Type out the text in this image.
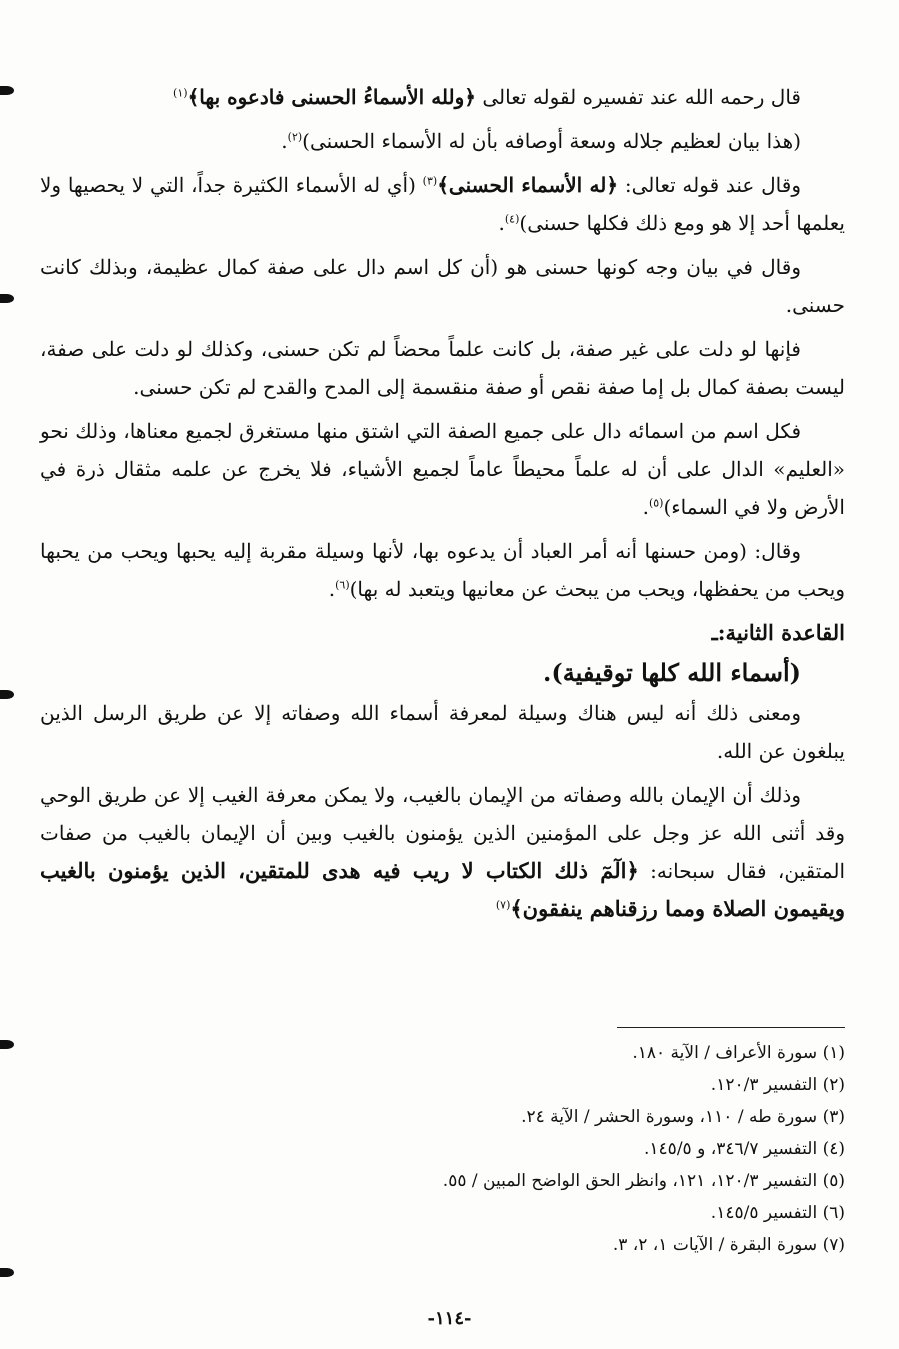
قال رحمه الله عند تفسيره لقوله تعالى ﴿ولله الأسماءُ الحسنى فادعوه بها﴾$^{(١)}$

(هذا بيان لعظيم جلاله وسعة أوصافه بأن له الأسماء الحسنى)$^{(٢)}$.

وقال عند قوله تعالى: ﴿له الأسماء الحسنى﴾$^{(٣)}$ (أي له الأسماء الكثيرة جداً، التي لا يحصيها ولا يعلمها أحد إلا هو ومع ذلك فكلها حسنى)$^{(٤)}$.

وقال في بيان وجه كونها حسنى هو (أن كل اسم دال على صفة كمال عظيمة، وبذلك كانت حسنى.

فإنها لو دلت على غير صفة، بل كانت علماً محضاً لم تكن حسنى، وكذلك لو دلت على صفة، ليست بصفة كمال بل إما صفة نقص أو صفة منقسمة إلى المدح والقدح لم تكن حسنى.

فكل اسم من اسمائه دال على جميع الصفة التي اشتق منها مستغرق لجميع معناها، وذلك نحو «العليم» الدال على أن له علماً محيطاً عاماً لجميع الأشياء، فلا يخرج عن علمه مثقال ذرة في الأرض ولا في السماء)$^{(٥)}$.

وقال: (ومن حسنها أنه أمر العباد أن يدعوه بها، لأنها وسيلة مقربة إليه يحبها ويحب من يحبها ويحب من يحفظها، ويحب من يبحث عن معانيها ويتعبد له بها)$^{(٦)}$.

القاعدة الثانية:ـ

(أسماء الله كلها توقيفية).

ومعنى ذلك أنه ليس هناك وسيلة لمعرفة أسماء الله وصفاته إلا عن طريق الرسل الذين يبلغون عن الله.

وذلك أن الإيمان بالله وصفاته من الإيمان بالغيب، ولا يمكن معرفة الغيب إلا عن طريق الوحي وقد أثنى الله عز وجل على المؤمنين الذين يؤمنون بالغيب وبين أن الإيمان بالغيب من صفات المتقين، فقال سبحانه: ﴿الٓمٓ ذلك الكتاب لا ريب فيه هدى للمتقين، الذين يؤمنون بالغيب ويقيمون الصلاة ومما رزقناهم ينفقون﴾$^{(٧)}$

(١) سورة الأعراف / الآية ١٨٠.
(٢) التفسير ١٢٠/٣.
(٣) سورة طه / ١١٠، وسورة الحشر / الآية ٢٤.
(٤) التفسير ٣٤٦/٧، و ١٤٥/٥.
(٥) التفسير ١٢٠/٣، ١٢١، وانظر الحق الواضح المبين / ٥٥.
(٦) التفسير ١٤٥/٥.
(٧) سورة البقرة / الآيات ١، ٢، ٣.
-١١٤-
